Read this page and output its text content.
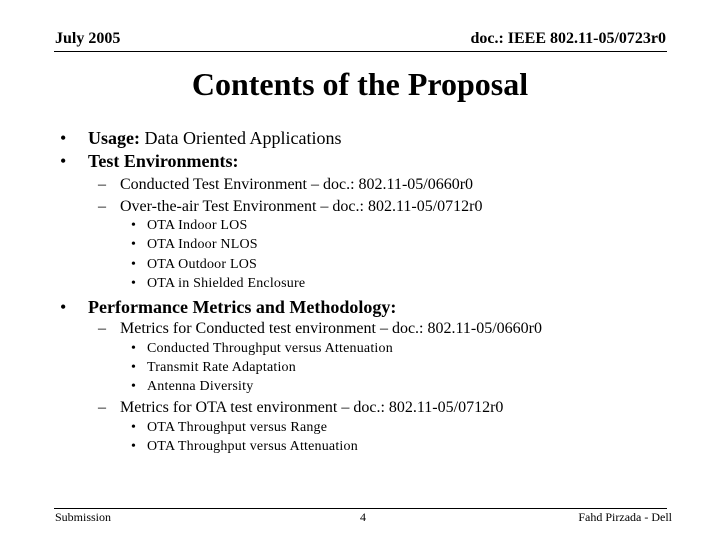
July 2005	doc.: IEEE 802.11-05/0723r0
Contents of the Proposal
• Usage: Data Oriented Applications
• Test Environments:
– Conducted Test Environment – doc.: 802.11-05/0660r0
– Over-the-air Test Environment – doc.: 802.11-05/0712r0
• OTA Indoor LOS
• OTA Indoor NLOS
• OTA Outdoor LOS
• OTA in Shielded Enclosure
• Performance Metrics and Methodology:
– Metrics for Conducted test environment – doc.: 802.11-05/0660r0
• Conducted Throughput versus Attenuation
• Transmit Rate Adaptation
• Antenna Diversity
– Metrics for OTA test environment – doc.: 802.11-05/0712r0
• OTA Throughput versus Range
• OTA Throughput versus Attenuation
Submission	4	Fahd Pirzada - Dell
